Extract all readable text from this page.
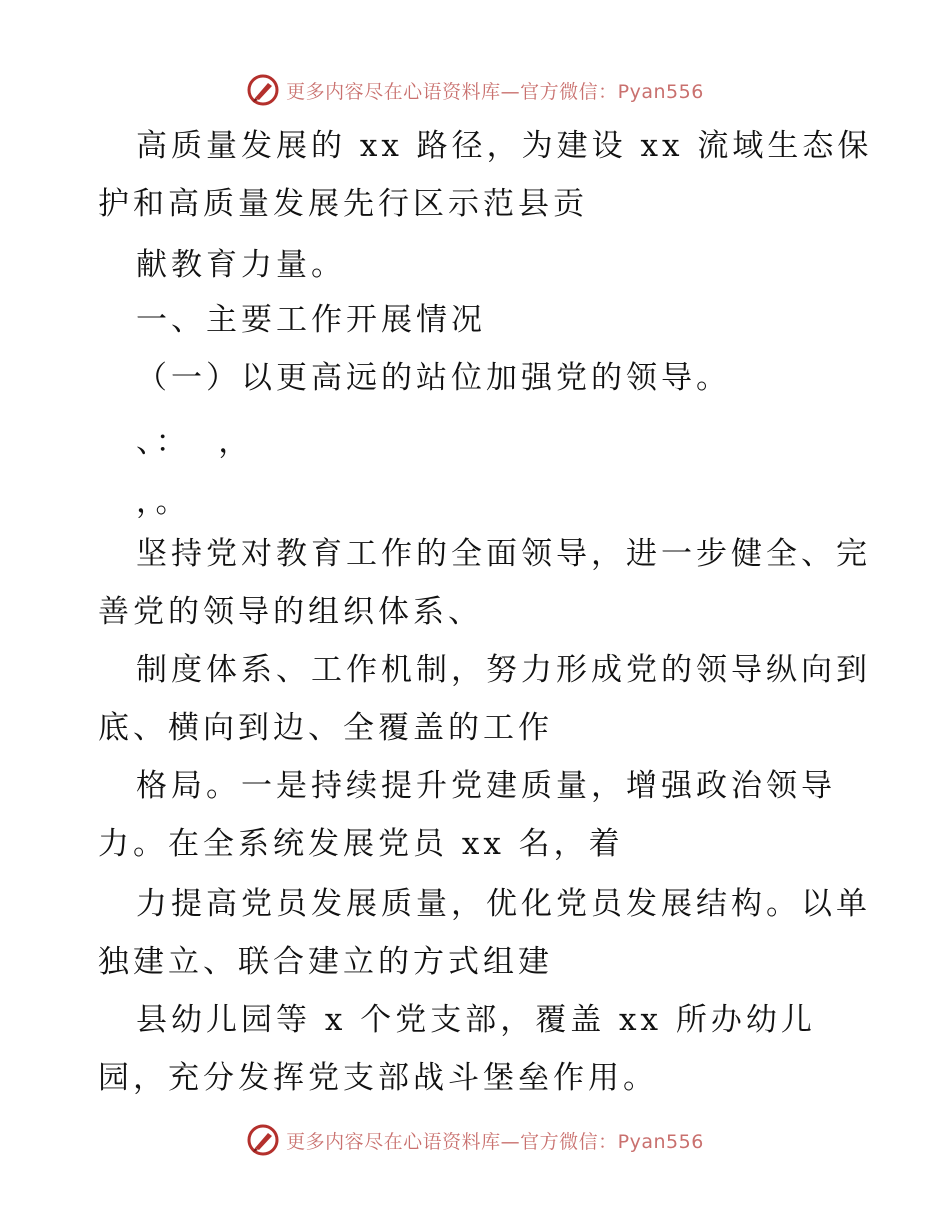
更多内容尽在心语资料库—官方微信：Pyan556
高质量发展的 xx 路径，为建设 xx 流域生态保
护和高质量发展先行区示范县贡
献教育力量。
一、主要工作开展情况
（一）以更高远的站位加强党的领导。
、：  ，
，。
坚持党对教育工作的全面领导，进一步健全、完
善党的领导的组织体系、
制度体系、工作机制，努力形成党的领导纵向到
底、横向到边、全覆盖的工作
格局。一是持续提升党建质量，增强政治领导
力。在全系统发展党员 xx 名，着
力提高党员发展质量，优化党员发展结构。以单
独建立、联合建立的方式组建
县幼儿园等 x 个党支部，覆盖 xx 所办幼儿
园，充分发挥党支部战斗堡垒作用。
更多内容尽在心语资料库—官方微信：Pyan556
